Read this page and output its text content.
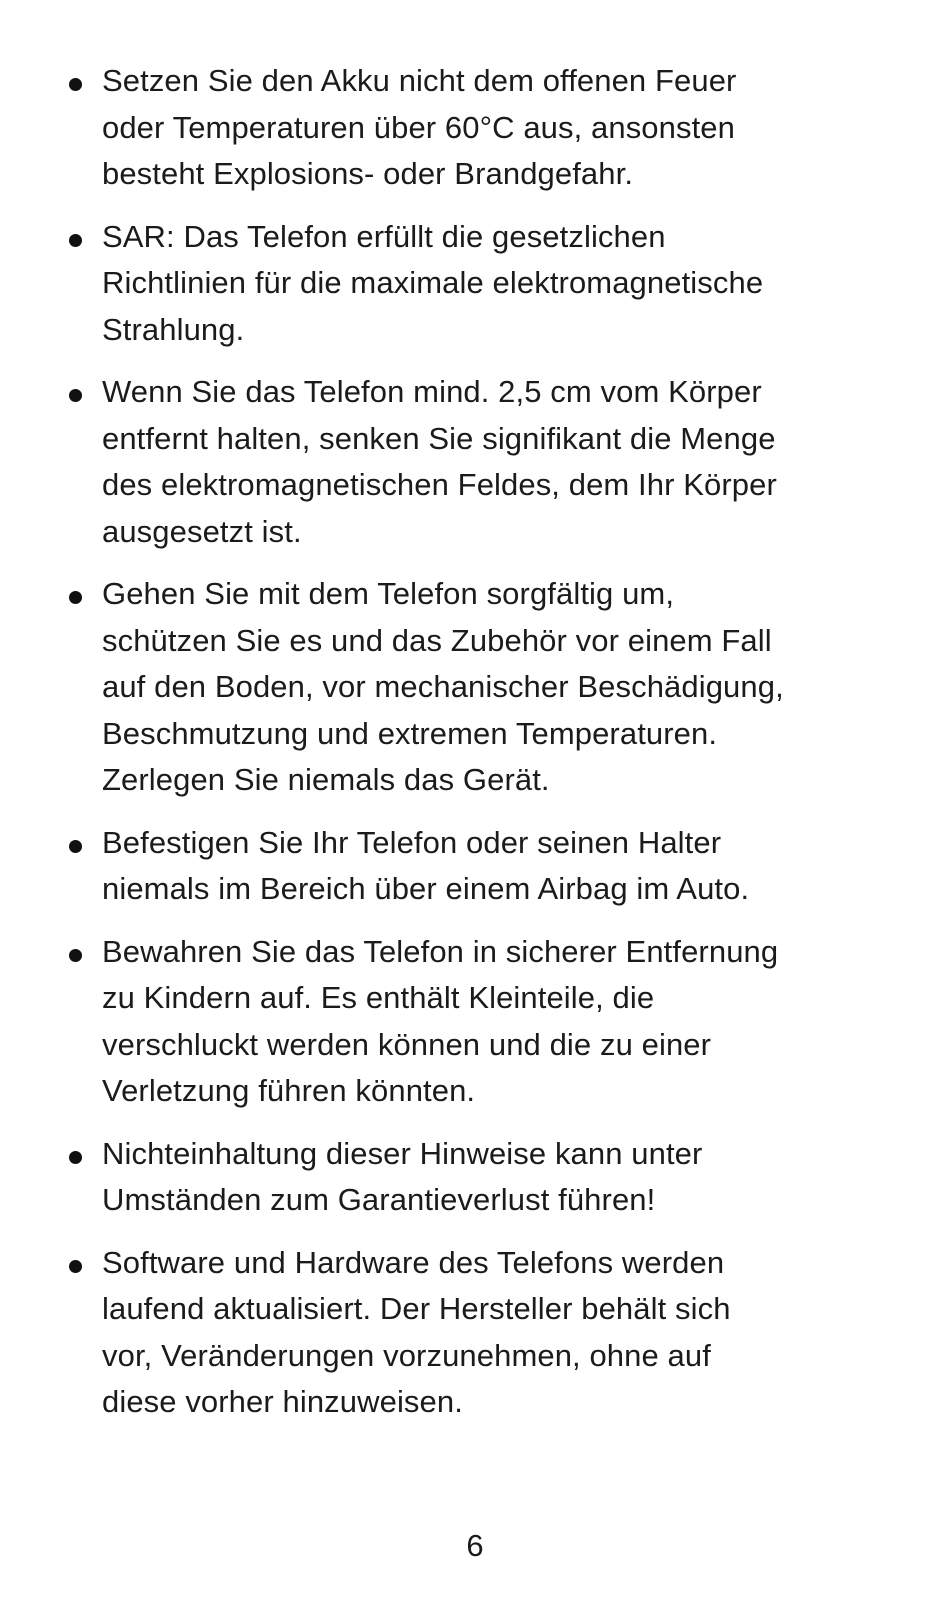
Setzen Sie den Akku nicht dem offenen Feuer
oder Temperaturen über 60°C aus, ansonsten
besteht Explosions- oder Brandgefahr.
SAR: Das Telefon erfüllt die gesetzlichen
Richtlinien für die maximale elektromagnetische
Strahlung.
Wenn Sie das Telefon mind. 2,5 cm vom Körper
entfernt halten, senken Sie signifikant die Menge
des elektromagnetischen Feldes, dem Ihr Körper
ausgesetzt ist.
Gehen Sie mit dem Telefon sorgfältig um,
schützen Sie es und das Zubehör vor einem Fall
auf den Boden, vor mechanischer Beschädigung,
Beschmutzung und extremen Temperaturen.
Zerlegen Sie niemals das Gerät.
Befestigen Sie Ihr Telefon oder seinen Halter
niemals im Bereich über einem Airbag im Auto.
Bewahren Sie das Telefon in sicherer Entfernung
zu Kindern auf. Es enthält Kleinteile, die
verschluckt werden können und die zu einer
Verletzung führen könnten.
Nichteinhaltung dieser Hinweise kann unter
Umständen zum Garantieverlust führen!
Software und Hardware des Telefons werden
laufend aktualisiert. Der Hersteller behält sich
vor, Veränderungen vorzunehmen, ohne auf
diese vorher hinzuweisen.
6
